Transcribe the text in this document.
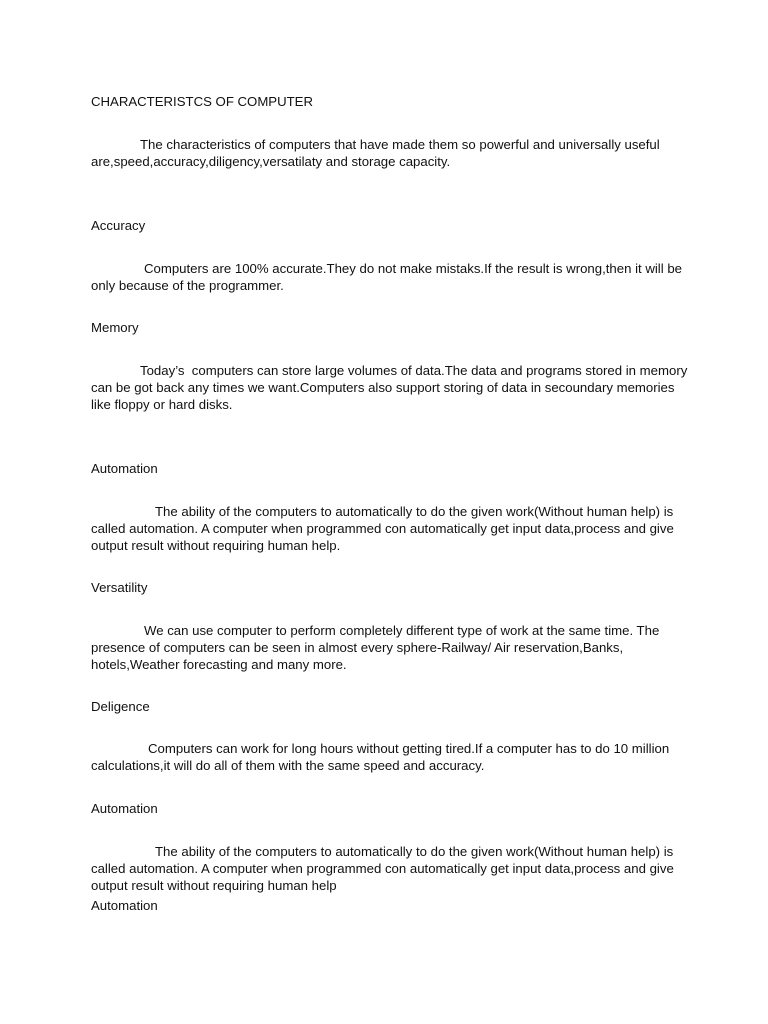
CHARACTERISTCS OF COMPUTER
The characteristics of computers that have made them so powerful and universally useful are,speed,accuracy,diligency,versatilaty and storage capacity.
Accuracy
Computers are 100% accurate.They do not make mistaks.If the result is wrong,then it will be only because of the programmer.
Memory
Today’s  computers can store large volumes of data.The data and programs stored in memory can be got back any times we want.Computers also support storing of data in secoundary memories like floppy or hard disks.
Automation
The ability of the computers to automatically to do the given work(Without human help) is called automation. A computer when programmed con automatically get input data,process and give output result without requiring human help.
Versatility
We can use computer to perform completely different type of work at the same time. The presence of computers can be seen in almost every sphere-Railway/ Air reservation,Banks, hotels,Weather forecasting and many more.
Deligence
Computers can work for long hours without getting tired.If a computer has to do 10 million calculations,it will do all of them with the same speed and accuracy.
Automation
The ability of the computers to automatically to do the given work(Without human help) is called automation. A computer when programmed con automatically get input data,process and give output result without requiring human help
Automation
